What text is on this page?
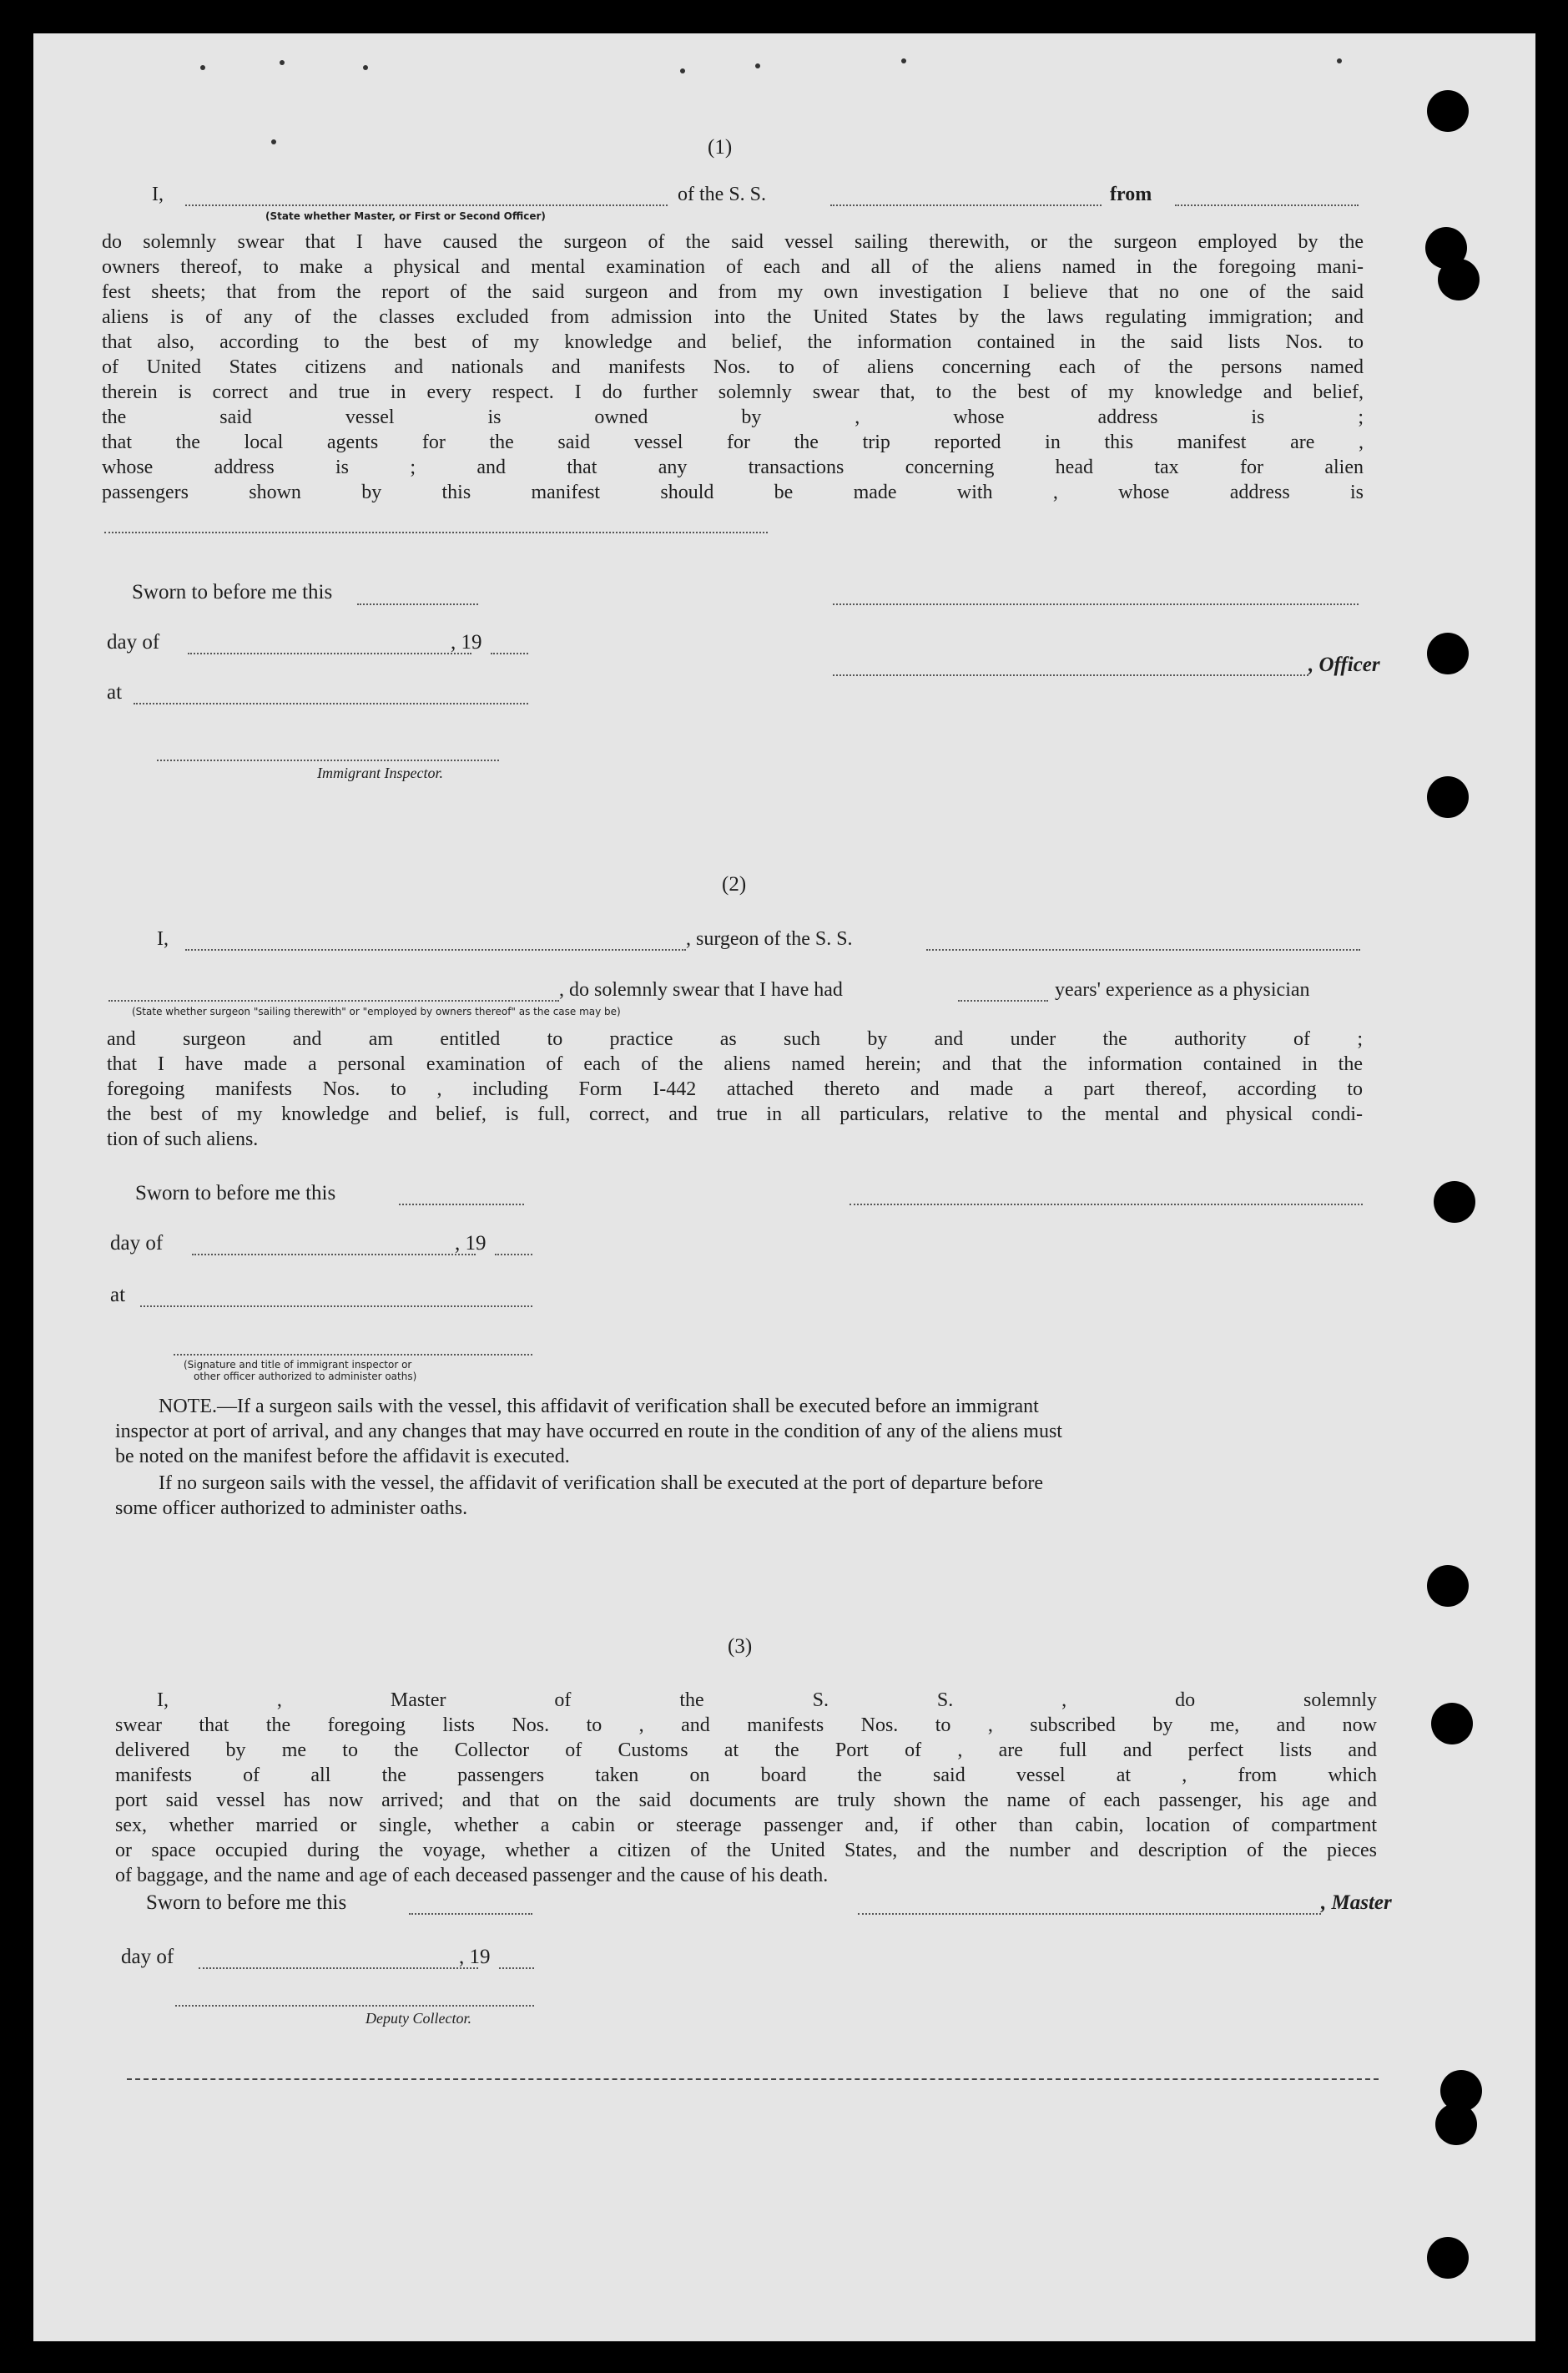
(1)
I,	of the S. S.	from
(State whether Master, or First or Second Officer)

do solemnly swear that I have caused the surgeon of the said vessel sailing therewith, or the surgeon employed by the

owners thereof, to make a physical and mental examination of each and all of the aliens named in the foregoing mani-

fest sheets; that from the report of the said surgeon and from my own investigation I believe that no one of the said

aliens is of any of the classes excluded from admission into the United States by the laws regulating immigration; and

that also, according to the best of my knowledge and belief, the information contained in the said lists Nos. to

of United States citizens and nationals and manifests Nos. to of aliens concerning each of the persons named

therein is correct and true in every respect. I do further solemnly swear that, to the best of my knowledge and belief,

the said vessel is owned by , whose address is ;

that the local agents for the said vessel for the trip reported in this manifest are ,

whose address is ; and that any transactions concerning head tax for alien

passengers shown by this manifest should be made with , whose address is

Sworn to before me this
day of	, 19
, Officer
at
Immigrant Inspector.
(2)
I,	, surgeon of the S. S.
, do solemnly swear that I have had	years' experience as a physician
(State whether surgeon "sailing therewith" or "employed by owners thereof" as the case may be)

and surgeon and am entitled to practice as such by and under the authority of ;

that I have made a personal examination of each of the aliens named herein; and that the information contained in the

foregoing manifests Nos. to , including Form I-442 attached thereto and made a part thereof, according to

the best of my knowledge and belief, is full, correct, and true in all particulars, relative to the mental and physical condi-

tion of such aliens.

Sworn to before me this
day of	, 19
at
(Signature and title of immigrant inspector or
other officer authorized to administer oaths)
NOTE.—If a surgeon sails with the vessel, this affidavit of verification shall be executed before an immigrant
inspector at port of arrival, and any changes that may have occurred en route in the condition of any of the aliens must
be noted on the manifest before the affidavit is executed.
If no surgeon sails with the vessel, the affidavit of verification shall be executed at the port of departure before
some officer authorized to administer oaths.
(3)

I, , Master of the S. S. , do solemnly

swear that the foregoing lists Nos. to , and manifests Nos. to , subscribed by me, and now

delivered by me to the Collector of Customs at the Port of , are full and perfect lists and

manifests of all the passengers taken on board the said vessel at , from which

port said vessel has now arrived; and that on the said documents are truly shown the name of each passenger, his age and

sex, whether married or single, whether a cabin or steerage passenger and, if other than cabin, location of compartment

or space occupied during the voyage, whether a citizen of the United States, and the number and description of the pieces

of baggage, and the name and age of each deceased passenger and the cause of his death.

Sworn to before me this	, Master
day of	, 19
Deputy Collector.
